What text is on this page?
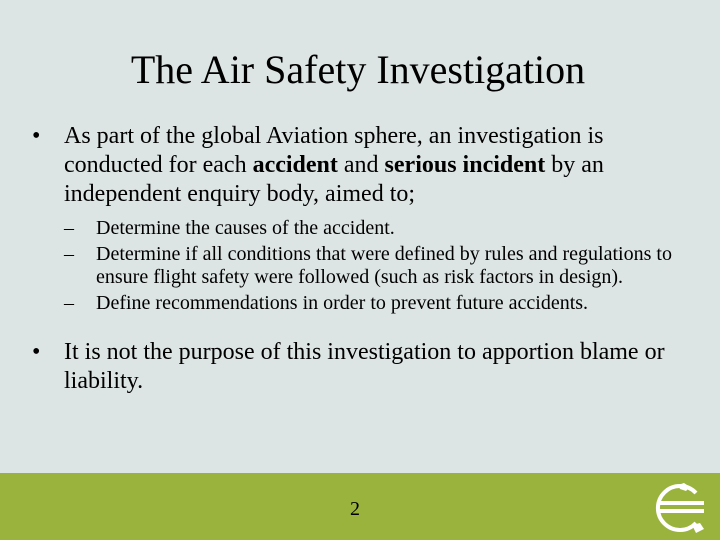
The Air Safety Investigation
• As part of the global Aviation sphere, an investigation is conducted for each accident and serious incident by an independent enquiry body, aimed to;
– Determine the causes of the accident.
– Determine if all conditions that were defined by rules and regulations to ensure flight safety were followed (such as risk factors in design).
– Define recommendations in order to prevent future accidents.
• It is not the purpose of this investigation to apportion blame or liability.
2
